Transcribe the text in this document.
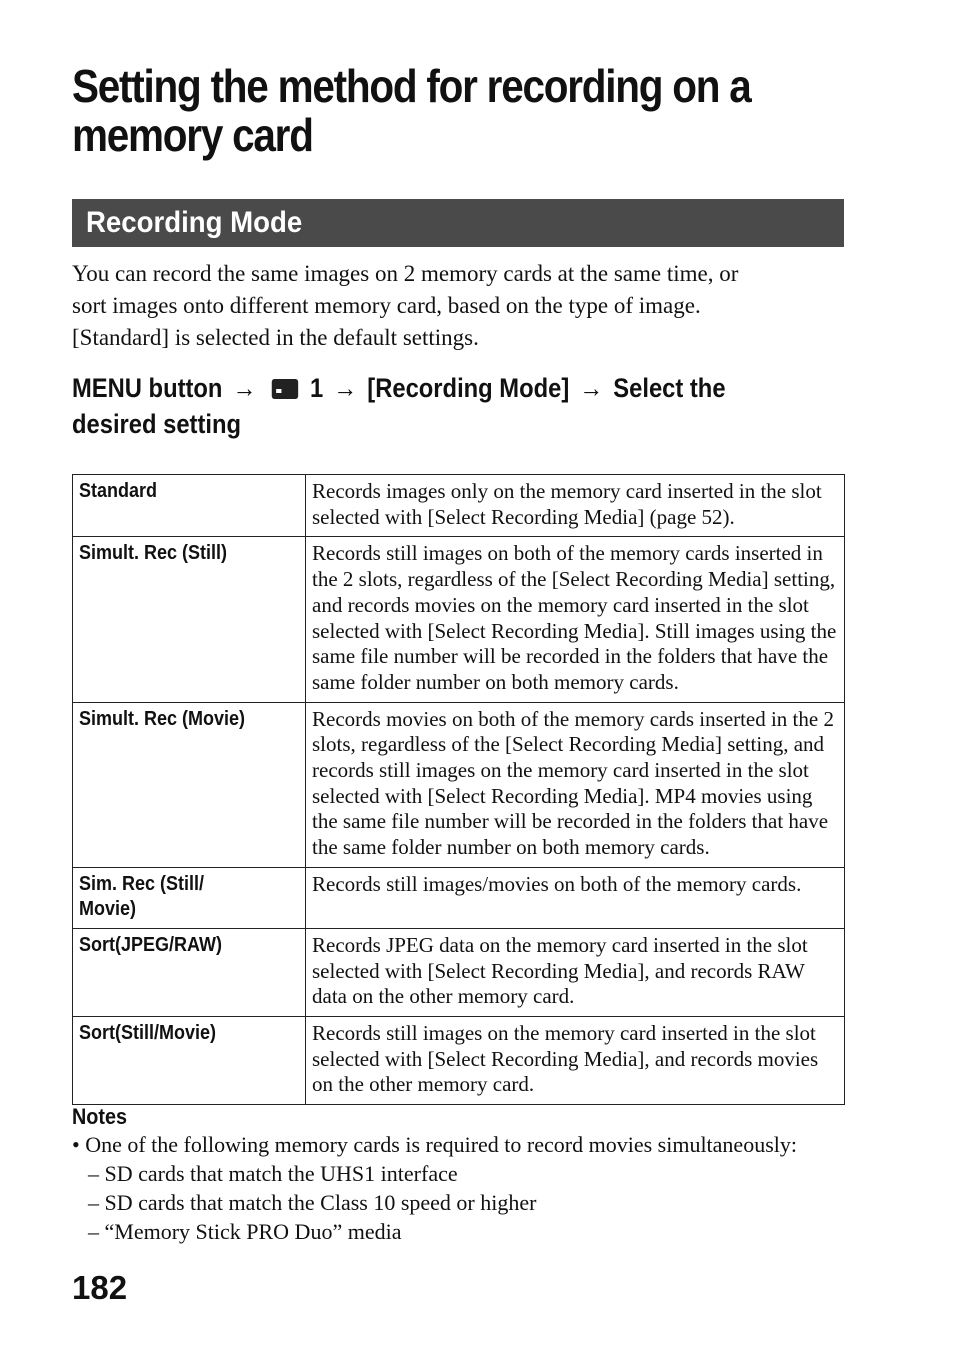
Setting the method for recording on a
memory card
Recording Mode

You can record the same images on 2 memory cards at the same time, or

sort images onto different memory card, based on the type of image.

[Standard] is selected in the default settings.

MENU button → 1 → [Recording Mode] → Select the
desired setting
Standard	Records images only on the memory card inserted in the slot selected with [Select Recording Media] (page 52).
Simult. Rec (Still)	Records still images on both of the memory cards inserted in the 2 slots, regardless of the [Select Recording Media] setting, and records movies on the memory card inserted in the slot selected with [Select Recording Media]. Still images using the same file number will be recorded in the folders that have the same folder number on both memory cards.
Simult. Rec (Movie)	Records movies on both of the memory cards inserted in the 2 slots, regardless of the [Select Recording Media] setting, and records still images on the memory card inserted in the slot selected with [Select Recording Media]. MP4 movies using the same file number will be recorded in the folders that have the same folder number on both memory cards.
Sim. Rec (Still/ Movie)	Records still images/movies on both of the memory cards.
Sort(JPEG/RAW)	Records JPEG data on the memory card inserted in the slot selected with [Select Recording Media], and records RAW data on the other memory card.
Sort(Still/Movie)	Records still images on the memory card inserted in the slot selected with [Select Recording Media], and records movies on the other memory card.
Notes
• One of the following memory cards is required to record movies simultaneously:
– SD cards that match the UHS1 interface
– SD cards that match the Class 10 speed or higher
– “Memory Stick PRO Duo” media
182
